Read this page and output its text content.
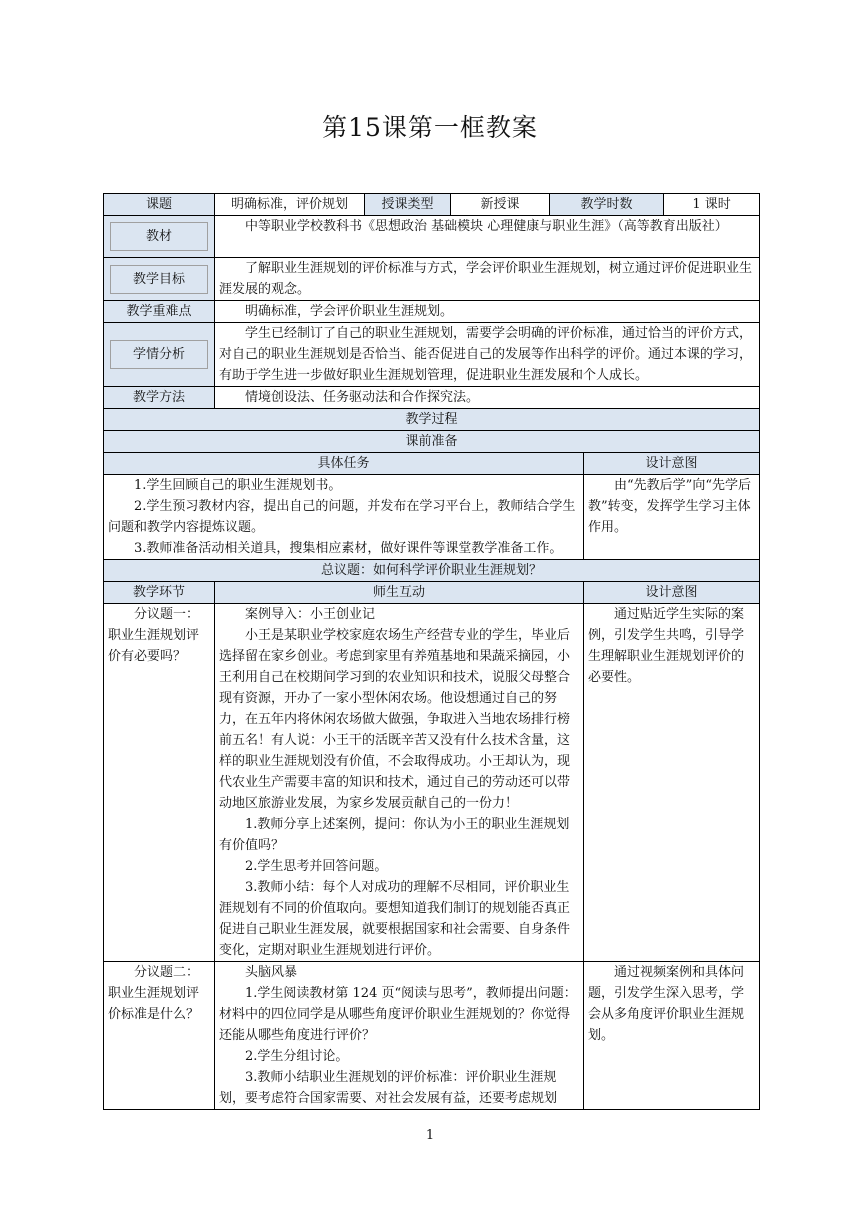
第15课第一框教案
课题	明确标准，评价规划	授课类型	新授课	教学时数		1 课时

教材	中等职业学校教科书《思想政治 基础模块 心理健康与职业生涯》（高等教育出版社）					

教学目标	了解职业生涯规划的评价标准与方式，学会评价职业生涯规划，树立通过评价促进职业生涯发展的观念。					

教学重难点	明确标准，学会评价职业生涯规划。					

学情分析	学生已经制订了自己的职业生涯规划，需要学会明确的评价标准，通过恰当的评价方式，对自己的职业生涯规划是否恰当、能否促进自己的发展等作出科学的评价。通过本课的学习，有助于学生进一步做好职业生涯规划管理，促进职业生涯发展和个人成长。					

教学方法	情境创设法、任务驱动法和合作探究法。					

教学过程						
课前准备						
具体任务					设计意图	

1.学生回顾自己的职业生涯规划书。

2.学生预习教材内容，提出自己的问题，并发布在学习平台上，教师结合学生问题和教学内容提炼议题。

3.教师准备活动相关道具，搜集相应素材，做好课件等课堂教学准备工作。					由“先教后学”向“先学后教”转变，发挥学生学习主体作用。	

总议题：如何科学评价职业生涯规划？						
教学环节	师生互动				设计意图	

分议题一：职业生涯规划评价有必要吗？	案例导入：小王创业记

小王是某职业学校家庭农场生产经营专业的学生，毕业后选择留在家乡创业。考虑到家里有养殖基地和果蔬采摘园，小王利用自己在校期间学习到的农业知识和技术，说服父母整合现有资源，开办了一家小型休闲农场。他设想通过自己的努力，在五年内将休闲农场做大做强，争取进入当地农场排行榜前五名！有人说：小王干的活既辛苦又没有什么技术含量，这样的职业生涯规划没有价值，不会取得成功。小王却认为，现代农业生产需要丰富的知识和技术，通过自己的劳动还可以带动地区旅游业发展，为家乡发展贡献自己的一份力！

1.教师分享上述案例，提问：你认为小王的职业生涯规划有价值吗？

2.学生思考并回答问题。

3.教师小结：每个人对成功的理解不尽相同，评价职业生涯规划有不同的价值取向。要想知道我们制订的规划能否真正促进自己职业生涯发展，就要根据国家和社会需要、自身条件变化，定期对职业生涯规划进行评价。				通过贴近学生实际的案例，引发学生共鸣，引导学生理解职业生涯规划评价的必要性。	

分议题二：职业生涯规划评价标准是什么？	头脑风暴

1.学生阅读教材第 124 页“阅读与思考”，教师提出问题：材料中的四位同学是从哪些角度评价职业生涯规划的？你觉得还能从哪些角度进行评价？

2.学生分组讨论。

3.教师小结职业生涯规划的评价标准：评价职业生涯规划，要考虑符合国家需要、对社会发展有益，还要考虑规划				通过视频案例和具体问题，引发学生深入思考，学会从多角度评价职业生涯规划。	

1
